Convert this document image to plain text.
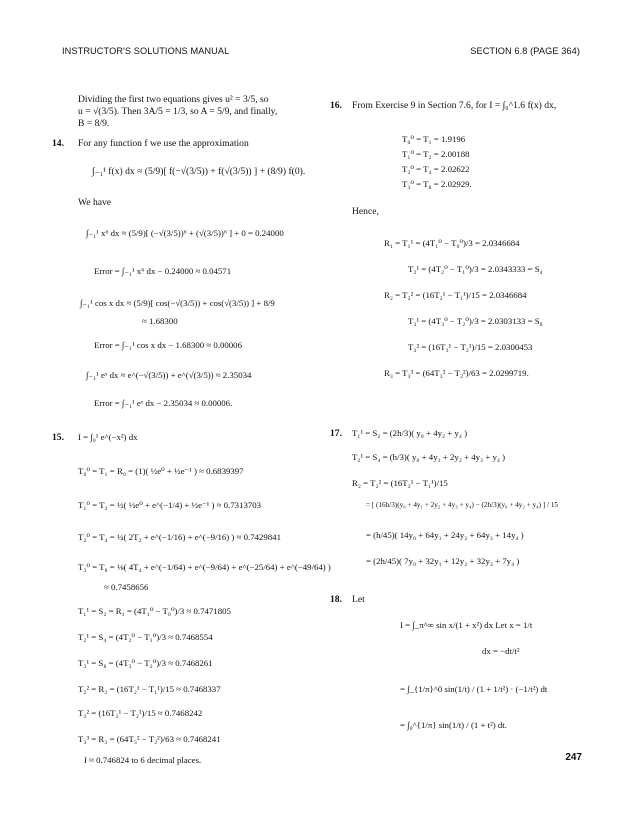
INSTRUCTOR'S SOLUTIONS MANUAL	SECTION 6.8 (PAGE 364)
Dividing the first two equations gives u² = 3/5, so
u = √(3/5). Then 3A/5 = 1/3, so A = 5/9, and finally,
B = 8/9.
14. For any function f we use the approximation
∫₋₁¹ f(x) dx ≈ (5/9)[ f(−√(3/5)) + f(√(3/5)) ] + (8/9) f(0).
We have
∫₋₁¹ x⁶ dx ≈ (5/9)[ (−√(3/5))⁶ + (√(3/5))⁶ ] + 0 = 0.24000
Error = ∫₋₁¹ x⁶ dx − 0.24000 ≈ 0.04571
∫₋₁¹ cos x dx ≈ (5/9)[ cos(−√(3/5)) + cos(√(3/5)) ] + 8/9
≈ 1.68300
Error = ∫₋₁¹ cos x dx − 1.68300 ≈ 0.00006
∫₋₁¹ eˣ dx ≈ e^(−√(3/5)) + e^(√(3/5)) ≈ 2.35034
Error = ∫₋₁¹ eˣ dx − 2.35034 ≈ 0.00006.
15. I = ∫₀¹ e^(−x²) dx
T₀⁰ = T₁ = R₀ = (1)( ½e⁰ + ½e⁻¹ ) ≈ 0.6839397
T₁⁰ = T₂ = ½( ½e⁰ + e^(−1/4) + ½e⁻¹ ) ≈ 0.7313703
T₂⁰ = T₄ = ¼( 2T₂ + e^(−1/16) + e^(−9/16) ) ≈ 0.7429841
T₃⁰ = T₈ = ⅛( 4T₄ + e^(−1/64) + e^(−9/64) + e^(−25/64) + e^(−49/64) )
≈ 0.7458656
T₁¹ = S₂ = R₁ = (4T₁⁰ − T₀⁰)/3 ≈ 0.7471805
T₂¹ = S₄ = (4T₂⁰ − T₁⁰)/3 ≈ 0.7468554
T₃¹ = S₈ = (4T₃⁰ − T₂⁰)/3 ≈ 0.7468261
T₂² = R₂ = (16T₂¹ − T₁¹)/15 ≈ 0.7468337
T₃² = (16T₃¹ − T₂¹)/15 ≈ 0.7468242
T₃³ = R₃ = (64T₃² − T₂²)/63 ≈ 0.7468241
I ≈ 0.746824 to 6 decimal places.
16. From Exercise 9 in Section 7.6, for I = ∫₀^1.6 f(x) dx,
T₀⁰ = T₁ = 1.9196
T₁⁰ = T₂ = 2.00188
T₂⁰ = T₄ = 2.02622
T₃⁰ = T₈ = 2.02929.
Hence,
R₁ = T₁¹ = (4T₁⁰ − T₀⁰)/3 = 2.0346684
T₂¹ = (4T₂⁰ − T₁⁰)/3 = 2.0343333 = S₄
R₂ = T₂² = (16T₂¹ − T₁¹)/15 = 2.0346684
T₃¹ = (4T₃⁰ − T₂⁰)/3 = 2.0303133 = S₈
T₃² = (16T₃¹ − T₂¹)/15 = 2.0300453
R₃ = T₃³ = (64T₃² − T₂²)/63 = 2.0299719.
17. T₁¹ = S₂ = (2h/3)( y₀ + 4y₂ + y₄ )
T₂¹ = S₄ = (h/3)( y₀ + 4y₁ + 2y₂ + 4y₃ + y₄ )
R₂ = T₂² = (16T₂¹ − T₁¹)/15
= [ (16h/3)(y₀ + 4y₁ + 2y₂ + 4y₃ + y₄) − (2h/3)(y₀ + 4y₂ + y₄) ] / 15
= (h/45)( 14y₀ + 64y₁ + 24y₂ + 64y₃ + 14y₄ )
= (2h/45)( 7y₀ + 32y₁ + 12y₂ + 32y₃ + 7y₄ )
18. Let
I = ∫_π^∞ sin x/(1 + x²) dx Let x = 1/t
dx = −dt/t²
= ∫_{1/π}^0 sin(1/t) / (1 + 1/t²) · (−1/t²) dt
= ∫₀^{1/π} sin(1/t) / (1 + t²) dt.
247
